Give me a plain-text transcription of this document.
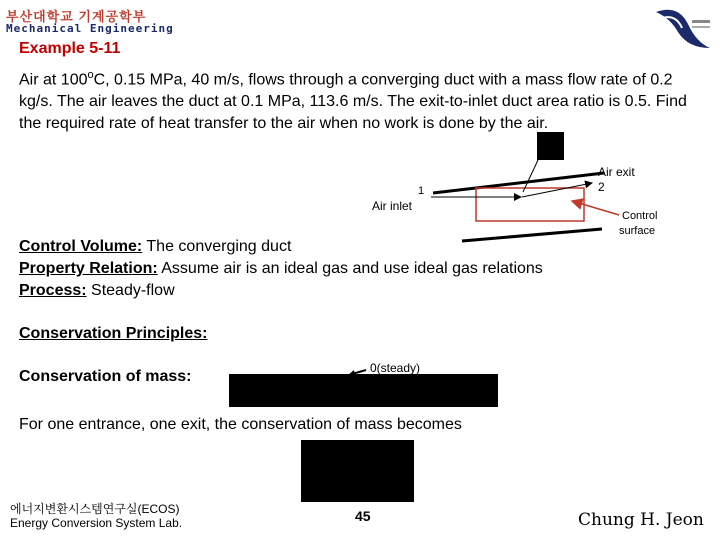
부산대학교 기계공학부
Mechanical Engineering
Example 5-11
Air at 100$^o$C, 0.15 MPa, 40 m/s, flows through a converging duct with a mass flow rate of 0.2 kg/s. The air leaves the duct at 0.1 MPa, 113.6 m/s. The exit-to-inlet duct area ratio is 0.5. Find the required rate of heat transfer to the air when no work is done by the air.
1
Air inlet
Air exit
2
Control
surface
Control Volume: The converging duct
Property Relation: Assume air is an ideal gas and use ideal gas relations
Process: Steady-flow
Conservation Principles:
Conservation of mass:	0(steady)
For one entrance, one exit, the conservation of mass becomes
에너지변환시스템연구실(ECOS)
Energy Conversion System Lab.	45	Chung H. Jeon
